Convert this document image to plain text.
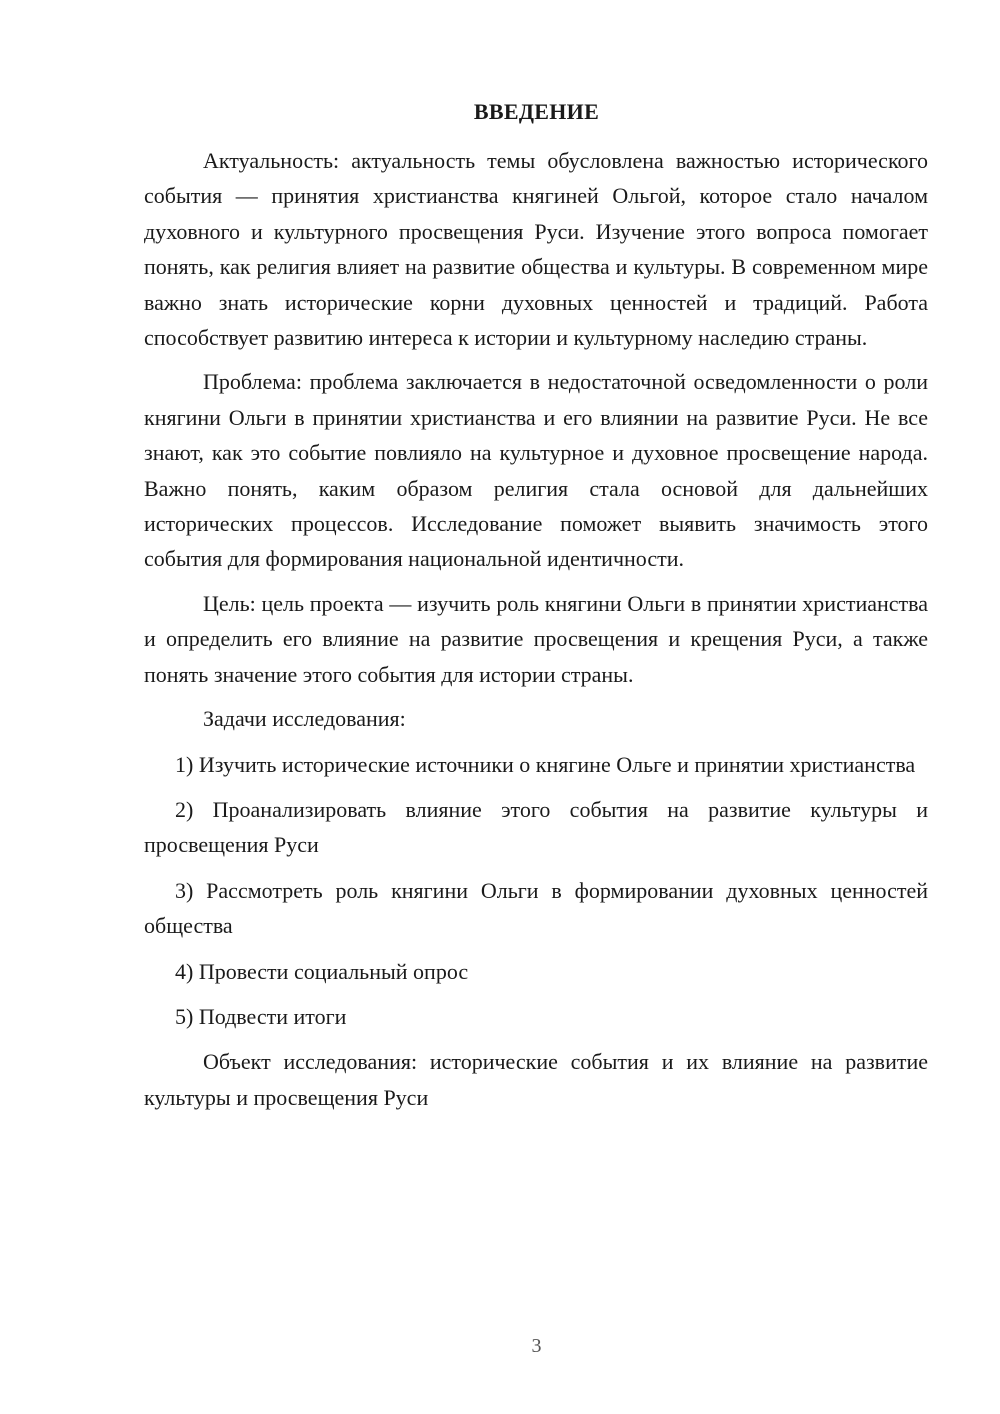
ВВЕДЕНИЕ

Актуальность: актуальность темы обусловлена важностью исторического события — принятия христианства княгиней Ольгой, которое стало началом духовного и культурного просвещения Руси. Изучение этого вопроса помогает понять, как религия влияет на развитие общества и культуры. В современном мире важно знать исторические корни духовных ценностей и традиций. Работа способствует развитию интереса к истории и культурному наследию страны.

Проблема: проблема заключается в недостаточной осведомленности о роли княгини Ольги в принятии христианства и его влиянии на развитие Руси. Не все знают, как это событие повлияло на культурное и духовное просвещение народа. Важно понять, каким образом религия стала основой для дальнейших исторических процессов. Исследование поможет выявить значимость этого события для формирования национальной идентичности.

Цель: цель проекта — изучить роль княгини Ольги в принятии христианства и определить его влияние на развитие просвещения и крещения Руси, а также понять значение этого события для истории страны.

Задачи исследования:

1) Изучить исторические источники о княгине Ольге и принятии христианства

2) Проанализировать влияние этого события на развитие культуры и просвещения Руси

3) Рассмотреть роль княгини Ольги в формировании духовных ценностей общества

4) Провести социальный опрос

5) Подвести итоги

Объект исследования: исторические события и их влияние на развитие культуры и просвещения Руси

3
